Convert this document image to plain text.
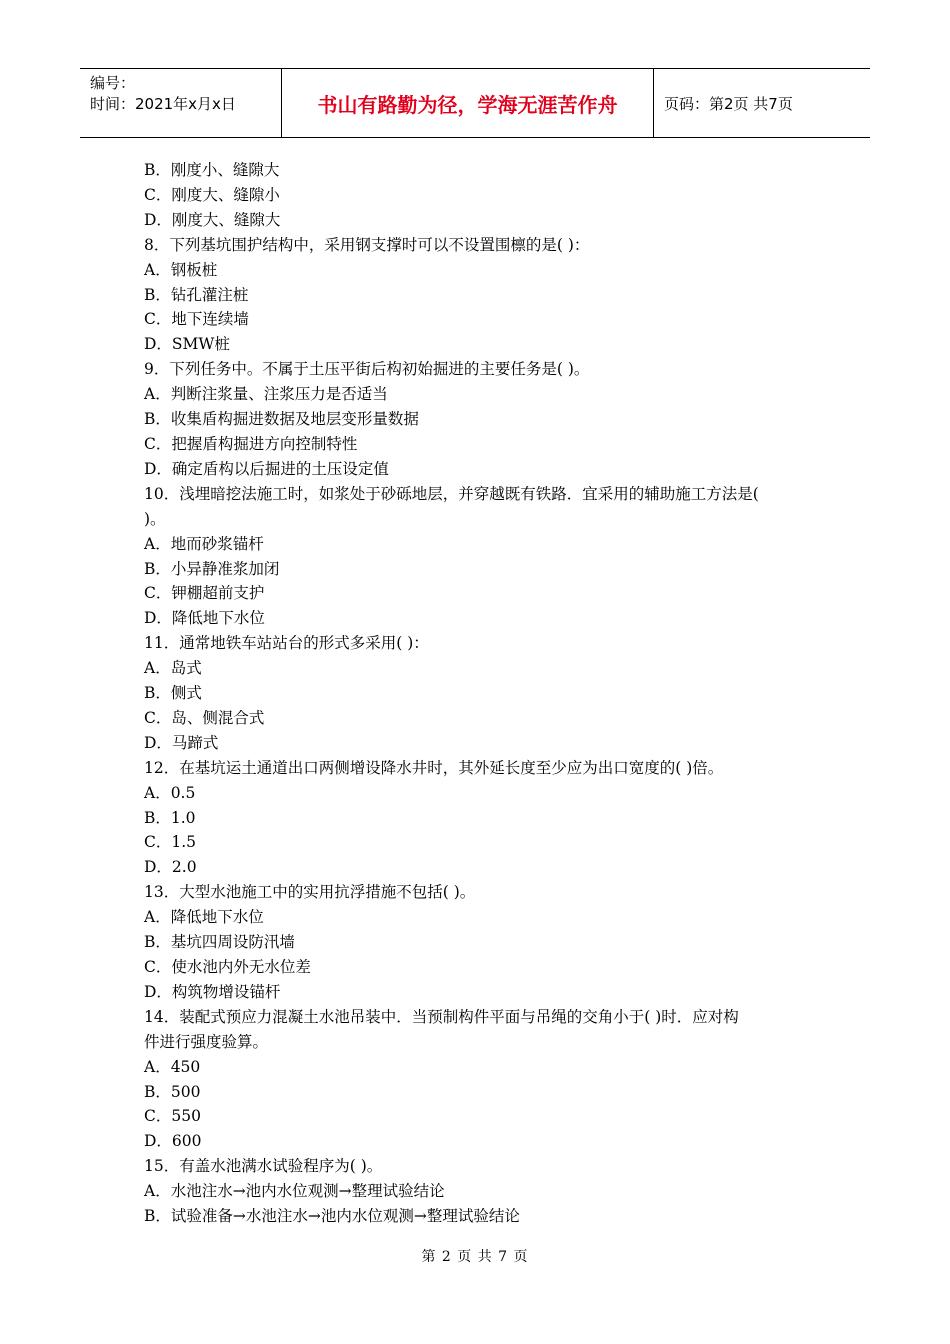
编号：
时间：2021年x月x日	书山有路勤为径，学海无涯苦作舟	页码：第2页 共7页
B．刚度小、缝隙大
C．刚度大、缝隙小
D．刚度大、缝隙大
8．下列基坑围护结构中，采用钢支撑时可以不设置围檩的是( )：
A．钢板桩
B．钻孔灌注桩
C．地下连续墙
D．SMW桩
9．下列任务中。不属于土压平街后构初始掘进的主要任务是( )。
A．判断注浆量、注浆压力是否适当
B．收集盾构掘进数据及地层变形量数据
C．把握盾构掘进方向控制特性
D．确定盾构以后掘进的土压设定值
10．浅埋暗挖法施工时，如浆处于砂砾地层，并穿越既有铁路．宜采用的辅助施工方法是(
)。
A．地而砂浆锚杆
B．小异静准浆加闭
C．钾棚超前支护
D．降低地下水位
11．通常地铁车站站台的形式多采用( )：
A．岛式
B．侧式
C．岛、侧混合式
D．马蹄式
12．在基坑运土通道出口两侧增设降水井时，其外延长度至少应为出口宽度的( )倍。
A．0.5
B．1.0
C．1.5
D．2.0
13．大型水池施工中的实用抗浮措施不包括( )。
A．降低地下水位
B．基坑四周设防汛墙
C．使水池内外无水位差
D．构筑物增设锚杆
14．装配式预应力混凝土水池吊装中．当预制构件平面与吊绳的交角小于( )时．应对构
件进行强度验算。
A．450
B．500
C．550
D．600
15．有盖水池满水试验程序为( )。
A．水池注水→池内水位观测→整理试验结论
B．试验准备→水池注水→池内水位观测→整理试验结论
第 2 页 共 7 页
